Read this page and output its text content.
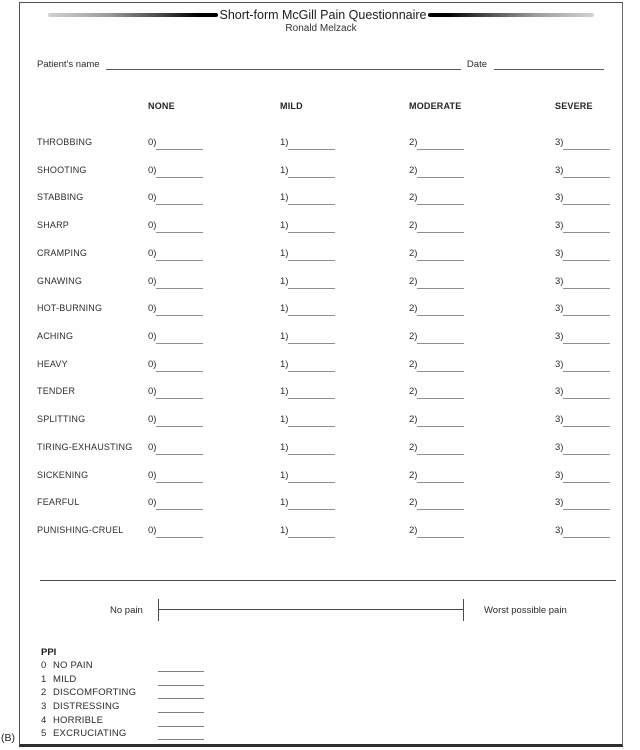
(B)
Short-form McGill Pain Questionnaire
Ronald Melzack
Patient's name	Date
NONE	MILD	MODERATE	SEVERE
THROBBING	0)	1)	2)	3)
SHOOTING	0)	1)	2)	3)
STABBING	0)	1)	2)	3)
SHARP	0)	1)	2)	3)
CRAMPING	0)	1)	2)	3)
GNAWING	0)	1)	2)	3)
HOT-BURNING	0)	1)	2)	3)
ACHING	0)	1)	2)	3)
HEAVY	0)	1)	2)	3)
TENDER	0)	1)	2)	3)
SPLITTING	0)	1)	2)	3)
TIRING-EXHAUSTING	0)	1)	2)	3)
SICKENING	0)	1)	2)	3)
FEARFUL	0)	1)	2)	3)
PUNISHING-CRUEL	0)	1)	2)	3)
No pain	Worst possible pain
PPI
0 NO PAIN
1 MILD
2 DISCOMFORTING
3 DISTRESSING
4 HORRIBLE
5 EXCRUCIATING
